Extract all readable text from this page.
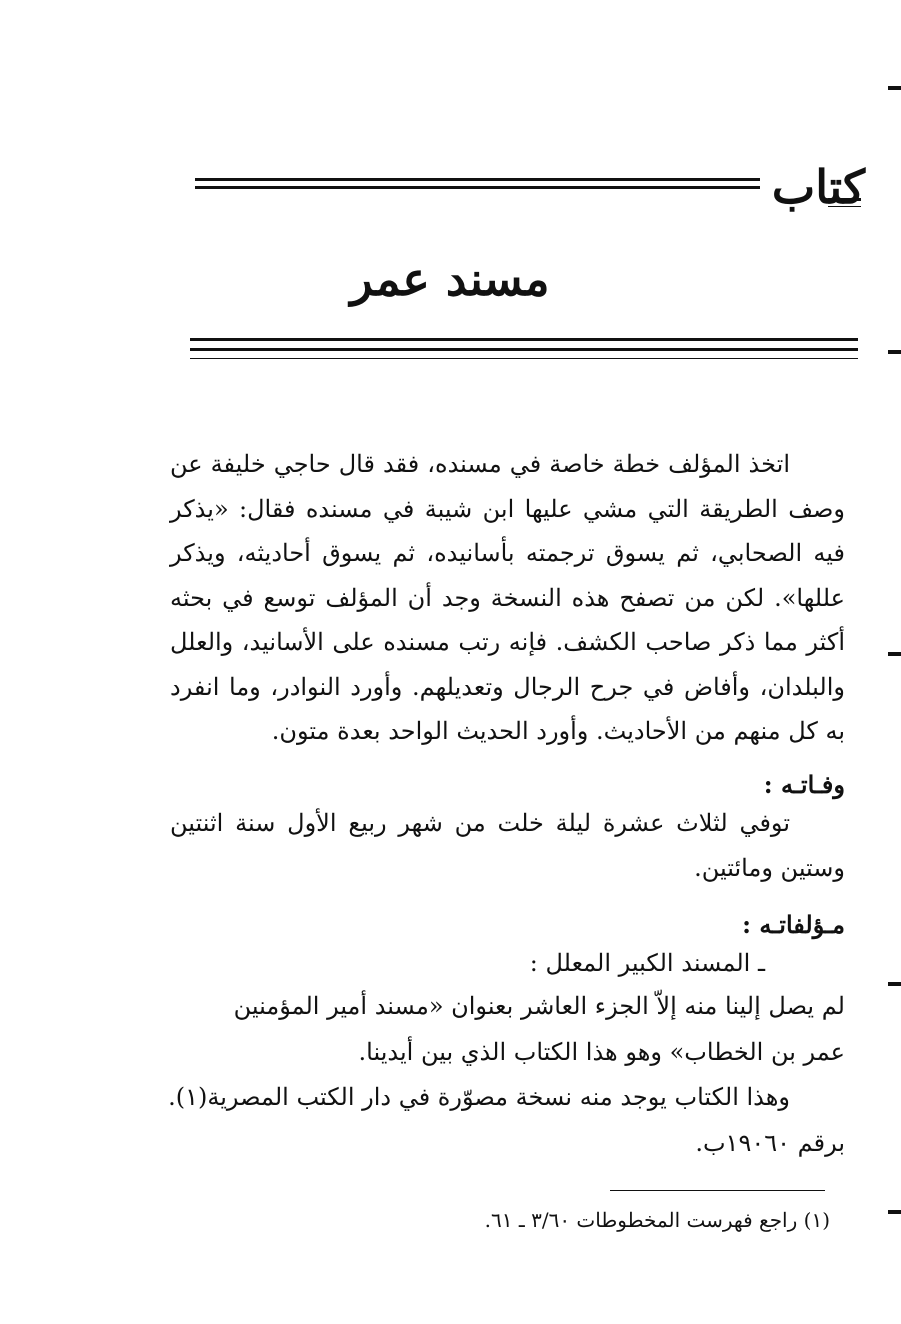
كتاب
مسند عمر
اتخذ المؤلف خطة خاصة في مسنده، فقد قال حاجي خليفة عن وصف الطريقة التي مشي عليها ابن شيبة في مسنده فقال: «يذكر فيه الصحابي، ثم يسوق ترجمته بأسانيده، ثم يسوق أحاديثه، ويذكر عللها». لكن من تصفح هذه النسخة وجد أن المؤلف توسع في بحثه أكثر مما ذكر صاحب الكشف. فإنه رتب مسنده على الأسانيد، والعلل والبلدان، وأفاض في جرح الرجال وتعديلهم. وأورد النوادر، وما انفرد به كل منهم من الأحاديث. وأورد الحديث الواحد بعدة متون.
وفـاتـه :
توفي لثلاث عشرة ليلة خلت من شهر ربيع الأول سنة اثنتين وستين ومائتين.
مـؤلفاتـه :
ـ المسند الكبير المعلل :
لم يصل إلينا منه إلاّ الجزء العاشر بعنوان «مسند أمير المؤمنين
عمر بن الخطاب» وهو هذا الكتاب الذي بين أيدينا.
وهذا الكتاب يوجد منه نسخة مصوّرة في دار الكتب المصرية(١).
برقم ١٩٠٦٠ب.
(١) راجع فهرست المخطوطات ٣/٦٠ ـ ٦١.
